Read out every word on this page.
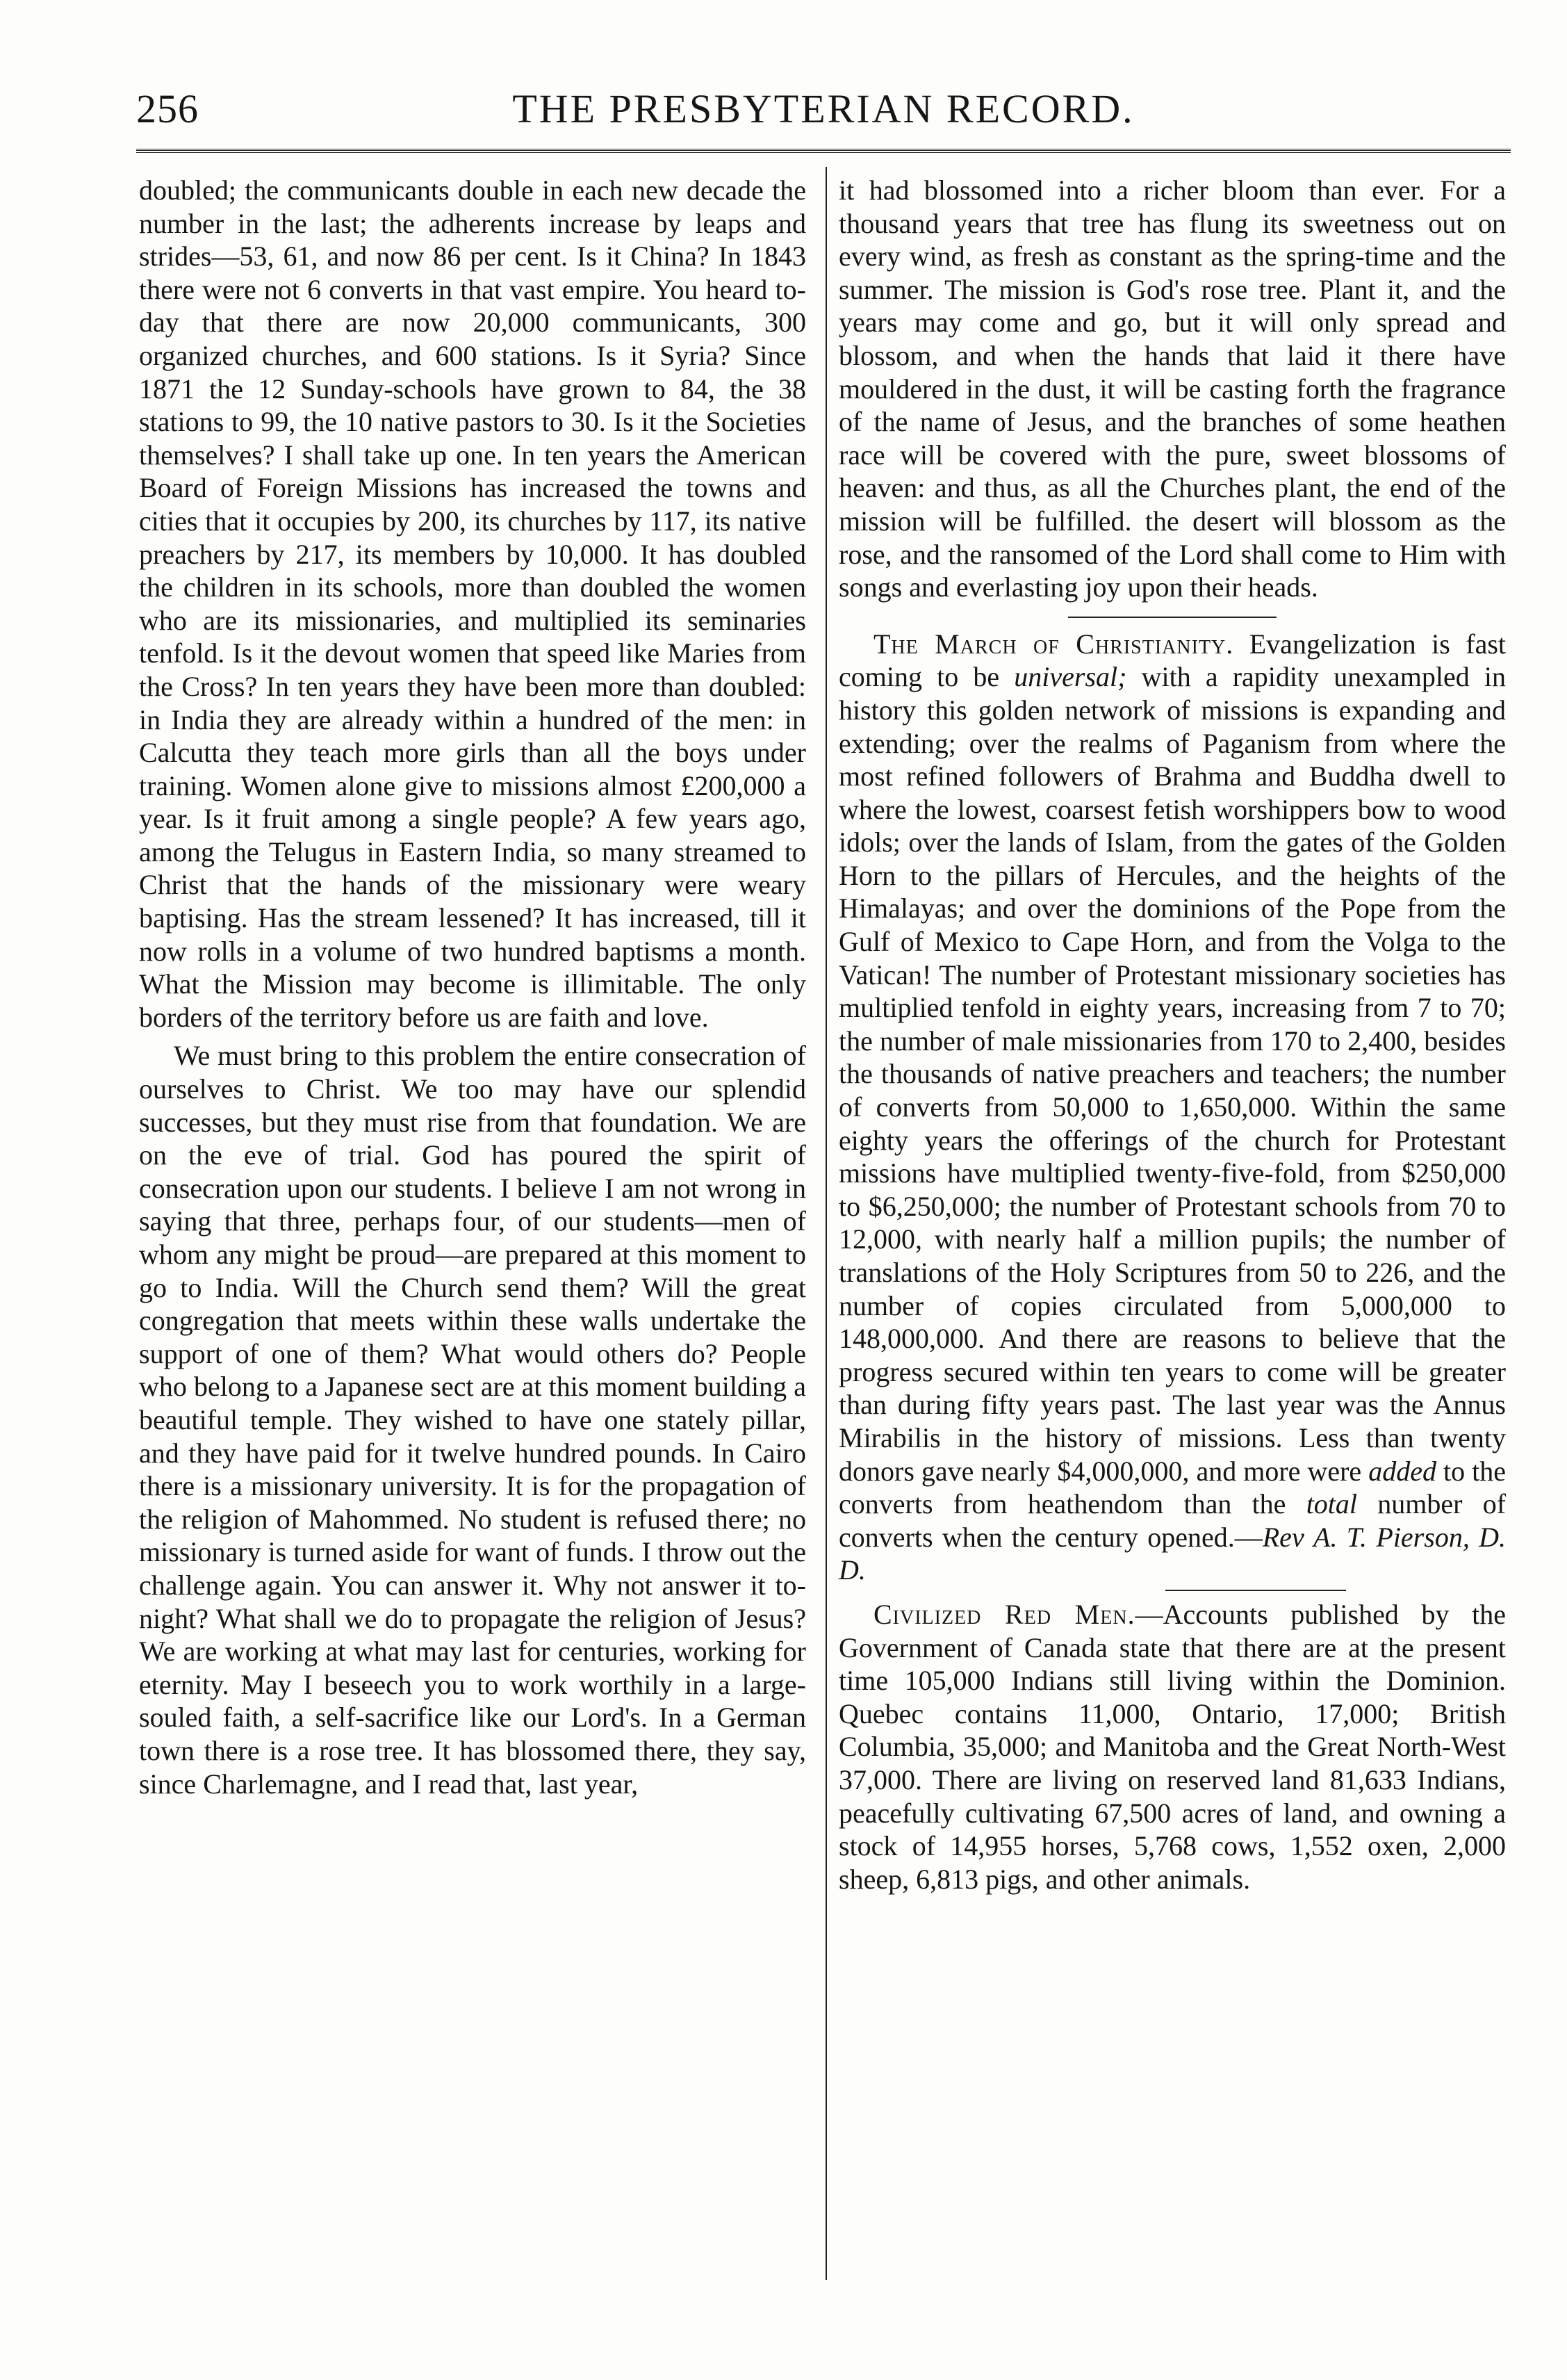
256	THE PRESBYTERIAN RECORD.

doubled; the communicants double in each new decade the number in the last; the adherents increase by leaps and strides—53, 61, and now 86 per cent. Is it China? In 1843 there were not 6 converts in that vast empire. You heard to-day that there are now 20,000 communicants, 300 organized churches, and 600 stations. Is it Syria? Since 1871 the 12 Sunday-schools have grown to 84, the 38 stations to 99, the 10 native pastors to 30. Is it the Societies themselves? I shall take up one. In ten years the American Board of Foreign Missions has increased the towns and cities that it occupies by 200, its churches by 117, its native preachers by 217, its members by 10,000. It has doubled the children in its schools, more than doubled the women who are its missionaries, and multiplied its seminaries tenfold. Is it the devout women that speed like Maries from the Cross? In ten years they have been more than doubled: in India they are already within a hundred of the men: in Calcutta they teach more girls than all the boys under training. Women alone give to missions almost £200,000 a year. Is it fruit among a single people? A few years ago, among the Telugus in Eastern India, so many streamed to Christ that the hands of the missionary were weary baptising. Has the stream lessened? It has increased, till it now rolls in a volume of two hundred baptisms a month. What the Mission may become is illimitable. The only borders of the territory before us are faith and love.

We must bring to this problem the entire consecration of ourselves to Christ. We too may have our splendid successes, but they must rise from that foundation. We are on the eve of trial. God has poured the spirit of consecration upon our students. I believe I am not wrong in saying that three, perhaps four, of our students—men of whom any might be proud—are prepared at this moment to go to India. Will the Church send them? Will the great congregation that meets within these walls undertake the support of one of them? What would others do? People who belong to a Japanese sect are at this moment building a beautiful temple. They wished to have one stately pillar, and they have paid for it twelve hundred pounds. In Cairo there is a missionary university. It is for the propagation of the religion of Mahommed. No student is refused there; no missionary is turned aside for want of funds. I throw out the challenge again. You can answer it. Why not answer it to-night? What shall we do to propagate the religion of Jesus? We are working at what may last for centuries, working for eternity. May I beseech you to work worthily in a large-souled faith, a self-sacrifice like our Lord's. In a German town there is a rose tree. It has blossomed there, they say, since Charlemagne, and I read that, last year,

it had blossomed into a richer bloom than ever. For a thousand years that tree has flung its sweetness out on every wind, as fresh as constant as the spring-time and the summer. The mission is God's rose tree. Plant it, and the years may come and go, but it will only spread and blossom, and when the hands that laid it there have mouldered in the dust, it will be casting forth the fragrance of the name of Jesus, and the branches of some heathen race will be covered with the pure, sweet blossoms of heaven: and thus, as all the Churches plant, the end of the mission will be fulfilled. the desert will blossom as the rose, and the ransomed of the Lord shall come to Him with songs and everlasting joy upon their heads.

The March of Christianity. Evangelization is fast coming to be universal; with a rapidity unexampled in history this golden network of missions is expanding and extending; over the realms of Paganism from where the most refined followers of Brahma and Buddha dwell to where the lowest, coarsest fetish worshippers bow to wood idols; over the lands of Islam, from the gates of the Golden Horn to the pillars of Hercules, and the heights of the Himalayas; and over the dominions of the Pope from the Gulf of Mexico to Cape Horn, and from the Volga to the Vatican! The number of Protestant missionary societies has multiplied tenfold in eighty years, increasing from 7 to 70; the number of male missionaries from 170 to 2,400, besides the thousands of native preachers and teachers; the number of converts from 50,000 to 1,650,000. Within the same eighty years the offerings of the church for Protestant missions have multiplied twenty-five-fold, from $250,000 to $6,250,000; the number of Protestant schools from 70 to 12,000, with nearly half a million pupils; the number of translations of the Holy Scriptures from 50 to 226, and the number of copies circulated from 5,000,000 to 148,000,000. And there are reasons to believe that the progress secured within ten years to come will be greater than during fifty years past. The last year was the Annus Mirabilis in the history of missions. Less than twenty donors gave nearly $4,000,000, and more were added to the converts from heathendom than the total number of converts when the century opened.—Rev A. T. Pierson, D. D.

Civilized Red Men.—Accounts published by the Government of Canada state that there are at the present time 105,000 Indians still living within the Dominion. Quebec contains 11,000, Ontario, 17,000; British Columbia, 35,000; and Manitoba and the Great North-West 37,000. There are living on reserved land 81,633 Indians, peacefully cultivating 67,500 acres of land, and owning a stock of 14,955 horses, 5,768 cows, 1,552 oxen, 2,000 sheep, 6,813 pigs, and other animals.
